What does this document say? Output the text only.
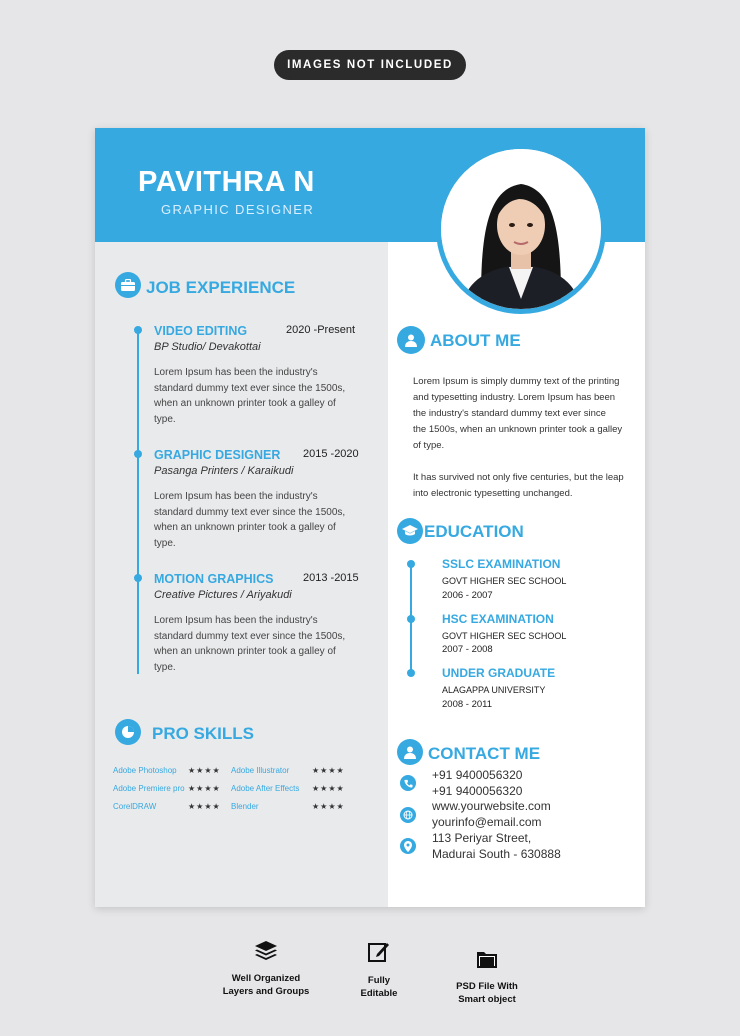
IMAGES NOT INCLUDED
PAVITHRA N
GRAPHIC DESIGNER
JOB EXPERIENCE
VIDEO EDITING	2020 -Present
BP Studio/ Devakottai
Lorem Ipsum has been the industry's
standard dummy text ever since the 1500s,
when an unknown printer took a galley of
type.
GRAPHIC DESIGNER 2015 -2020
Pasanga Printers / Karaikudi
Lorem Ipsum has been the industry's
standard dummy text ever since the 1500s,
when an unknown printer took a galley of
type.
MOTION GRAPHICS	2013 -2015
Creative Pictures / Ariyakudi
Lorem Ipsum has been the industry's
standard dummy text ever since the 1500s,
when an unknown printer took a galley of
type.
PRO SKILLS
Adobe Photoshop ★★★★ Adobe Illustrator	★★★★
Adobe Premiere pro ★★★★ Adobe After Effects ★★★★
CorelDRAW	★★★★ Blender	★★★★
ABOUT ME
Lorem Ipsum is simply dummy text of the printing
and typesetting industry. Lorem Ipsum has been
the industry's standard dummy text ever since
the 1500s, when an unknown printer took a galley
of type.
It has survived not only five centuries, but the leap
into electronic typesetting unchanged.
EDUCATION
SSLC EXAMINATION
GOVT HIGHER SEC SCHOOL
2006 - 2007
HSC EXAMINATION
GOVT HIGHER SEC SCHOOL
2007 - 2008
UNDER GRADUATE
ALAGAPPA UNIVERSITY
2008 - 2011
CONTACT ME
+91 9400056320
+91 9400056320
www.yourwebsite.com
yourinfo@email.com
113 Periyar Street,
Madurai South - 630888
Well Organized
Layers and Groups
Fully
Editable
PSD File With
Smart object
